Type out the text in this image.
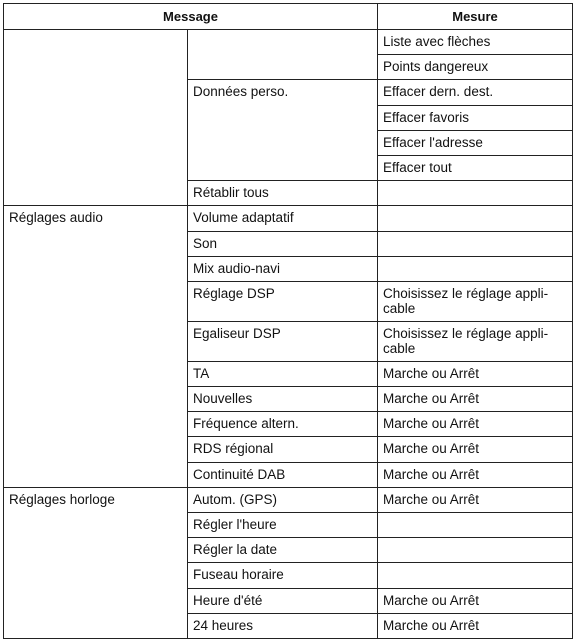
Message		Mesure
		Liste avec flèches
		Points dangereux
	Données perso.	Effacer dern. dest.
		Effacer favoris
		Effacer l'adresse
		Effacer tout
	Rétablir tous	
Réglages audio	Volume adaptatif	
	Son	
	Mix audio-navi	
	Réglage DSP	Choisissez le réglage appli-
cable
	Egaliseur DSP	Choisissez le réglage appli-
cable
	TA	Marche ou Arrêt
	Nouvelles	Marche ou Arrêt
	Fréquence altern.	Marche ou Arrêt
	RDS régional	Marche ou Arrêt
	Continuité DAB	Marche ou Arrêt
Réglages horloge	Autom. (GPS)	Marche ou Arrêt
	Régler l'heure	
	Régler la date	
	Fuseau horaire	
	Heure d'été	Marche ou Arrêt
	24 heures	Marche ou Arrêt
